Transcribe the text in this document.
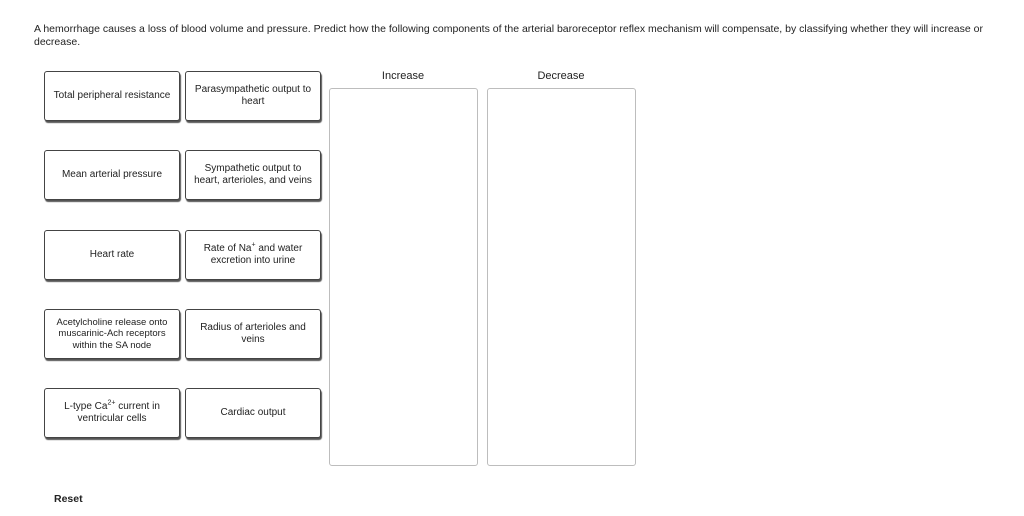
A hemorrhage causes a loss of blood volume and pressure. Predict how the following components of the arterial baroreceptor reflex mechanism will compensate, by classifying whether they will increase or decrease.
Total peripheral resistance
Mean arterial pressure
Heart rate
Acetylcholine release onto muscarinic-Ach receptors within the SA node
L-type $Ca^{2+}$ current in ventricular cells
Parasympathetic output to heart
Sympathetic output to heart, arterioles, and veins
Rate of Na+ and water excretion into urine
Radius of arterioles and veins
Cardiac output
Increase	Decrease
Reset
